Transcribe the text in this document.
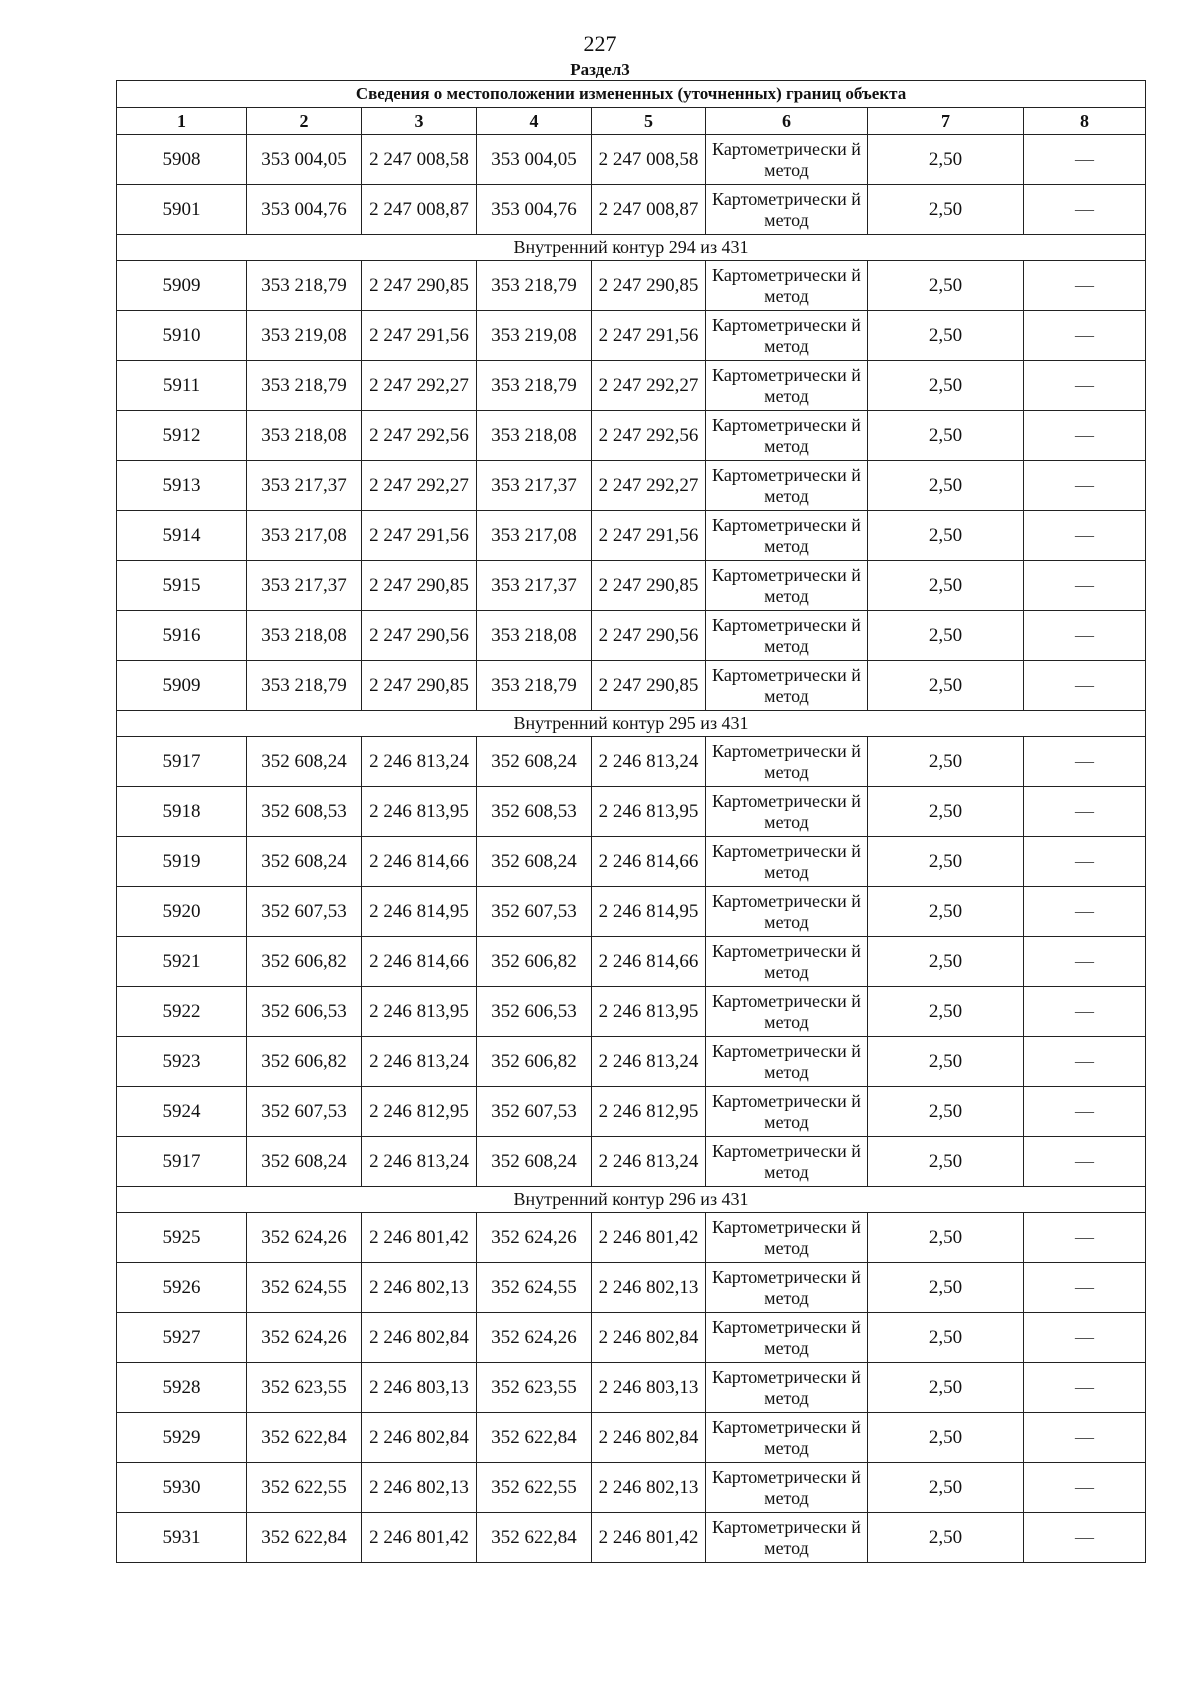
227
Раздел3
Сведения о местоположении измененных (уточненных) границ объекта							
1	2	3	4	5	6	7	8
5908	353 004,05	2 247 008,58	353 004,05	2 247 008,58	Картометрически й метод	2,50	—
5901	353 004,76	2 247 008,87	353 004,76	2 247 008,87	Картометрически й метод	2,50	—
Внутренний контур 294 из 431							
5909	353 218,79	2 247 290,85	353 218,79	2 247 290,85	Картометрически й метод	2,50	—
5910	353 219,08	2 247 291,56	353 219,08	2 247 291,56	Картометрически й метод	2,50	—
5911	353 218,79	2 247 292,27	353 218,79	2 247 292,27	Картометрически й метод	2,50	—
5912	353 218,08	2 247 292,56	353 218,08	2 247 292,56	Картометрически й метод	2,50	—
5913	353 217,37	2 247 292,27	353 217,37	2 247 292,27	Картометрически й метод	2,50	—
5914	353 217,08	2 247 291,56	353 217,08	2 247 291,56	Картометрически й метод	2,50	—
5915	353 217,37	2 247 290,85	353 217,37	2 247 290,85	Картометрически й метод	2,50	—
5916	353 218,08	2 247 290,56	353 218,08	2 247 290,56	Картометрически й метод	2,50	—
5909	353 218,79	2 247 290,85	353 218,79	2 247 290,85	Картометрически й метод	2,50	—
Внутренний контур 295 из 431							
5917	352 608,24	2 246 813,24	352 608,24	2 246 813,24	Картометрически й метод	2,50	—
5918	352 608,53	2 246 813,95	352 608,53	2 246 813,95	Картометрически й метод	2,50	—
5919	352 608,24	2 246 814,66	352 608,24	2 246 814,66	Картометрически й метод	2,50	—
5920	352 607,53	2 246 814,95	352 607,53	2 246 814,95	Картометрически й метод	2,50	—
5921	352 606,82	2 246 814,66	352 606,82	2 246 814,66	Картометрически й метод	2,50	—
5922	352 606,53	2 246 813,95	352 606,53	2 246 813,95	Картометрически й метод	2,50	—
5923	352 606,82	2 246 813,24	352 606,82	2 246 813,24	Картометрически й метод	2,50	—
5924	352 607,53	2 246 812,95	352 607,53	2 246 812,95	Картометрически й метод	2,50	—
5917	352 608,24	2 246 813,24	352 608,24	2 246 813,24	Картометрически й метод	2,50	—
Внутренний контур 296 из 431							
5925	352 624,26	2 246 801,42	352 624,26	2 246 801,42	Картометрически й метод	2,50	—
5926	352 624,55	2 246 802,13	352 624,55	2 246 802,13	Картометрически й метод	2,50	—
5927	352 624,26	2 246 802,84	352 624,26	2 246 802,84	Картометрически й метод	2,50	—
5928	352 623,55	2 246 803,13	352 623,55	2 246 803,13	Картометрически й метод	2,50	—
5929	352 622,84	2 246 802,84	352 622,84	2 246 802,84	Картометрически й метод	2,50	—
5930	352 622,55	2 246 802,13	352 622,55	2 246 802,13	Картометрически й метод	2,50	—
5931	352 622,84	2 246 801,42	352 622,84	2 246 801,42	Картометрически й метод	2,50	—
